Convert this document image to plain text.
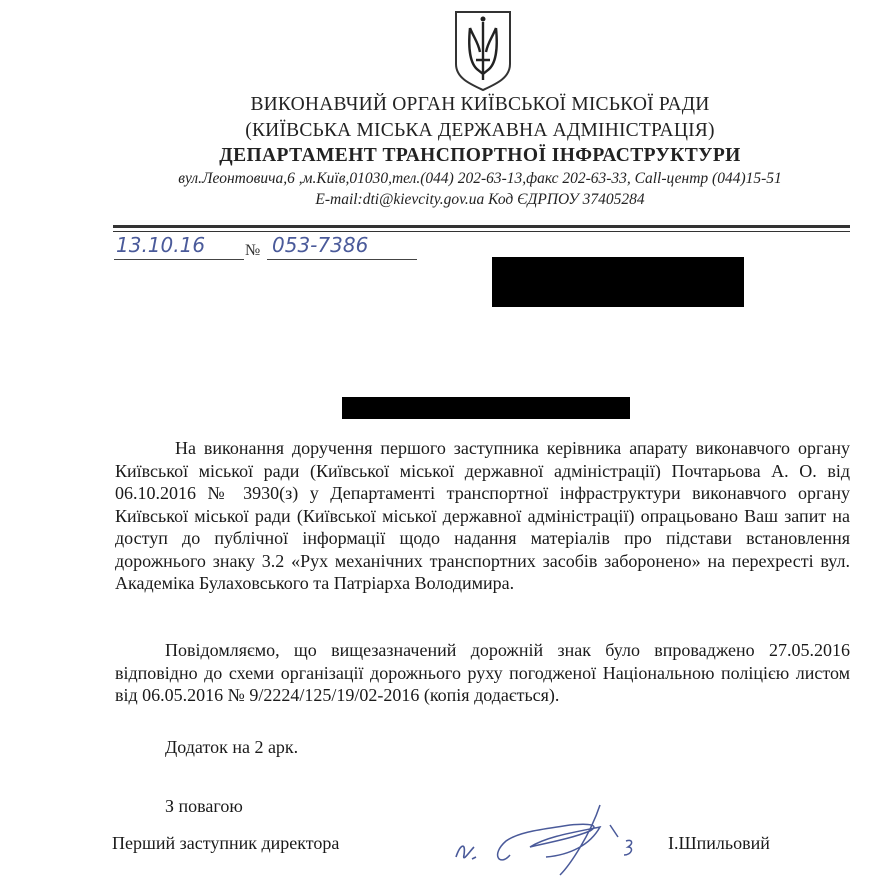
ВИКОНАВЧИЙ ОРГАН КИЇВСЬКОЇ МІСЬКОЇ РАДИ
(КИЇВСЬКА МІСЬКА ДЕРЖАВНА АДМІНІСТРАЦІЯ)
ДЕПАРТАМЕНТ ТРАНСПОРТНОЇ ІНФРАСТРУКТУРИ
вул.Леонтовича,6 ,м.Київ,01030,тел.(044) 202-63-13,факс 202-63-33, Call-центр (044)15-51
E-mail:dti@kievcity.gov.ua Код ЄДРПОУ 37405284
13.10.16 № 053-7386
На виконання доручення першого заступника керівника апарату виконавчого органу Київської міської ради (Київської міської державної адміністрації) Почтарьова А. О. від 06.10.2016 № 3930(з) у Департаменті транспортної інфраструктури виконавчого органу Київської міської ради (Київської міської державної адміністрації) опрацьовано Ваш запит на доступ до публічної інформації щодо надання матеріалів про підстави встановлення дорожнього знаку 3.2 «Рух механічних транспортних засобів заборонено» на перехресті вул. Академіка Булаховського та Патріарха Володимира.
Повідомляємо, що вищезазначений дорожній знак було впроваджено 27.05.2016 відповідно до схеми організації дорожнього руху погодженої Національною поліцією листом від 06.05.2016 № 9/2224/125/19/02-2016 (копія додається).
Додаток на 2 арк.
З повагою
Перший заступник директора	І.Шпильовий
